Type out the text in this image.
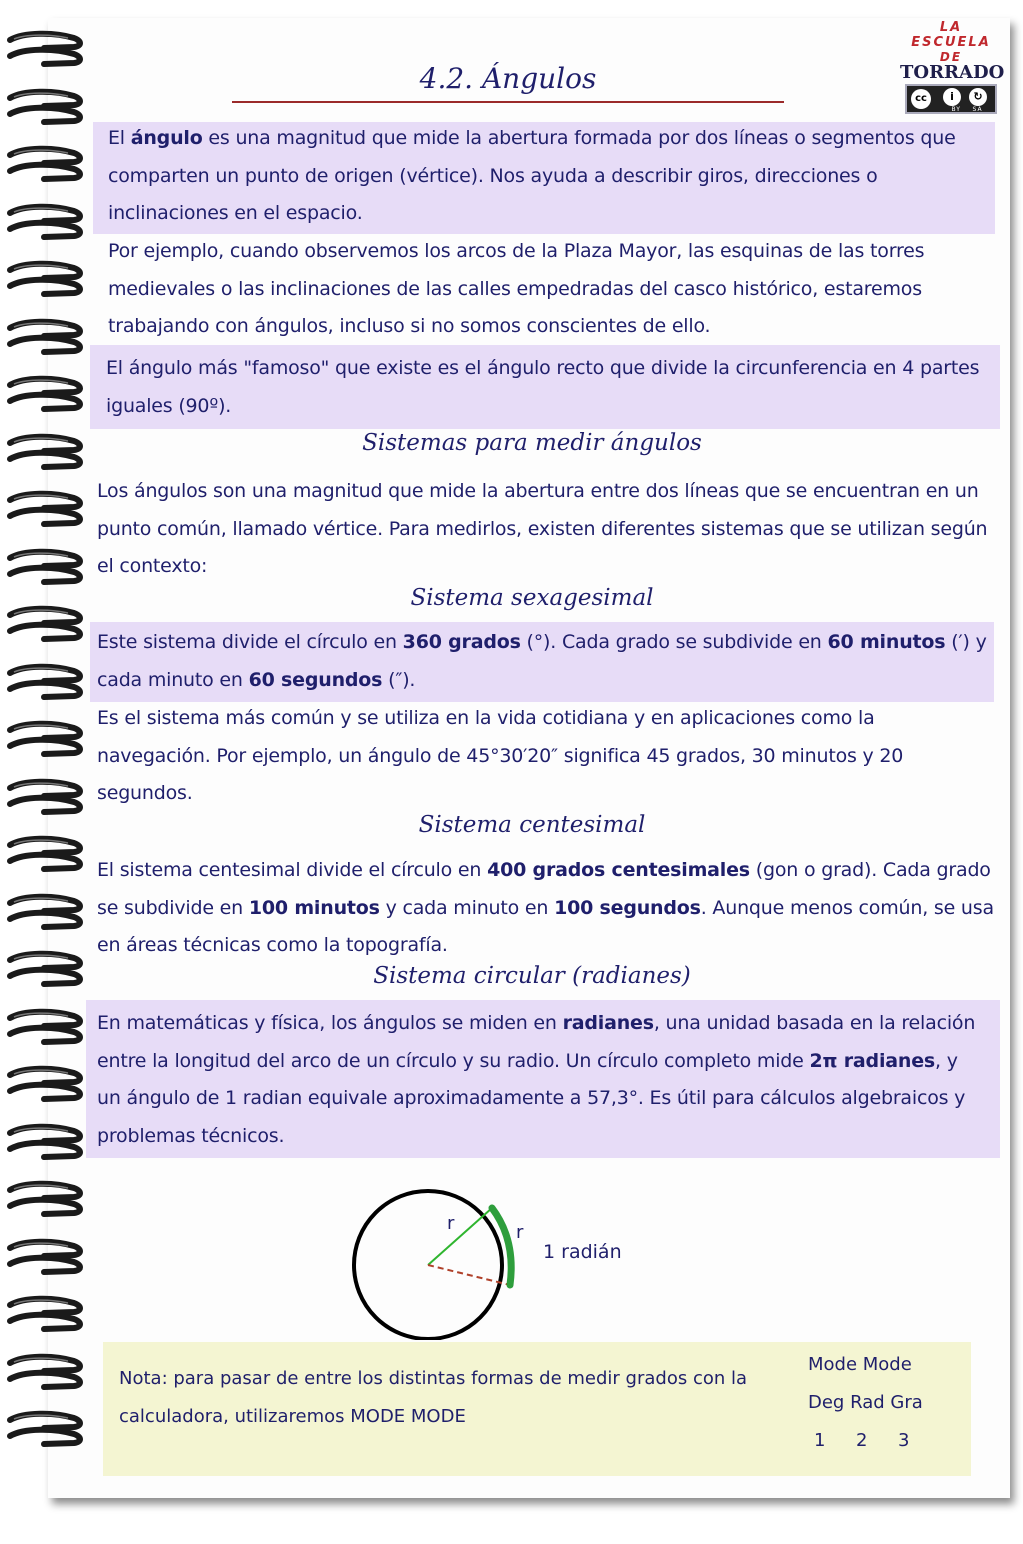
4.2. Ángulos
LA ESCUELA
DE
TORRADO
cc	i	↻
BY SA
El ángulo es una magnitud que mide la abertura formada por dos líneas o segmentos que comparten un punto de origen (vértice). Nos ayuda a describir giros, direcciones o inclinaciones en el espacio.
Por ejemplo, cuando observemos los arcos de la Plaza Mayor, las esquinas de las torres medievales o las inclinaciones de las calles empedradas del casco histórico, estaremos trabajando con ángulos, incluso si no somos conscientes de ello.
El ángulo más "famoso" que existe es el ángulo recto que divide la circunferencia en 4 partes iguales (90º).
Sistemas para medir ángulos
Los ángulos son una magnitud que mide la abertura entre dos líneas que se encuentran en un punto común, llamado vértice. Para medirlos, existen diferentes sistemas que se utilizan según el contexto:
Sistema sexagesimal
Este sistema divide el círculo en 360 grados (°). Cada grado se subdivide en 60 minutos (′) y cada minuto en 60 segundos (″).
Es el sistema más común y se utiliza en la vida cotidiana y en aplicaciones como la navegación. Por ejemplo, un ángulo de 45°30′20″ significa 45 grados, 30 minutos y 20 segundos.
Sistema centesimal
El sistema centesimal divide el círculo en 400 grados centesimales (gon o grad). Cada grado se subdivide en 100 minutos y cada minuto en 100 segundos. Aunque menos común, se usa en áreas técnicas como la topografía.
Sistema circular (radianes)
En matemáticas y física, los ángulos se miden en radianes, una unidad basada en la relación entre la longitud del arco de un círculo y su radio. Un círculo completo mide 2π radianes, y un ángulo de 1 radian equivale aproximadamente a 57,3°. Es útil para cálculos algebraicos y problemas técnicos.
r	r
1 radián
Nota: para pasar de entre los distintas formas de medir grados con la calculadora, utilizaremos MODE MODE
Mode Mode
Deg Rad Gra
1 2 3
